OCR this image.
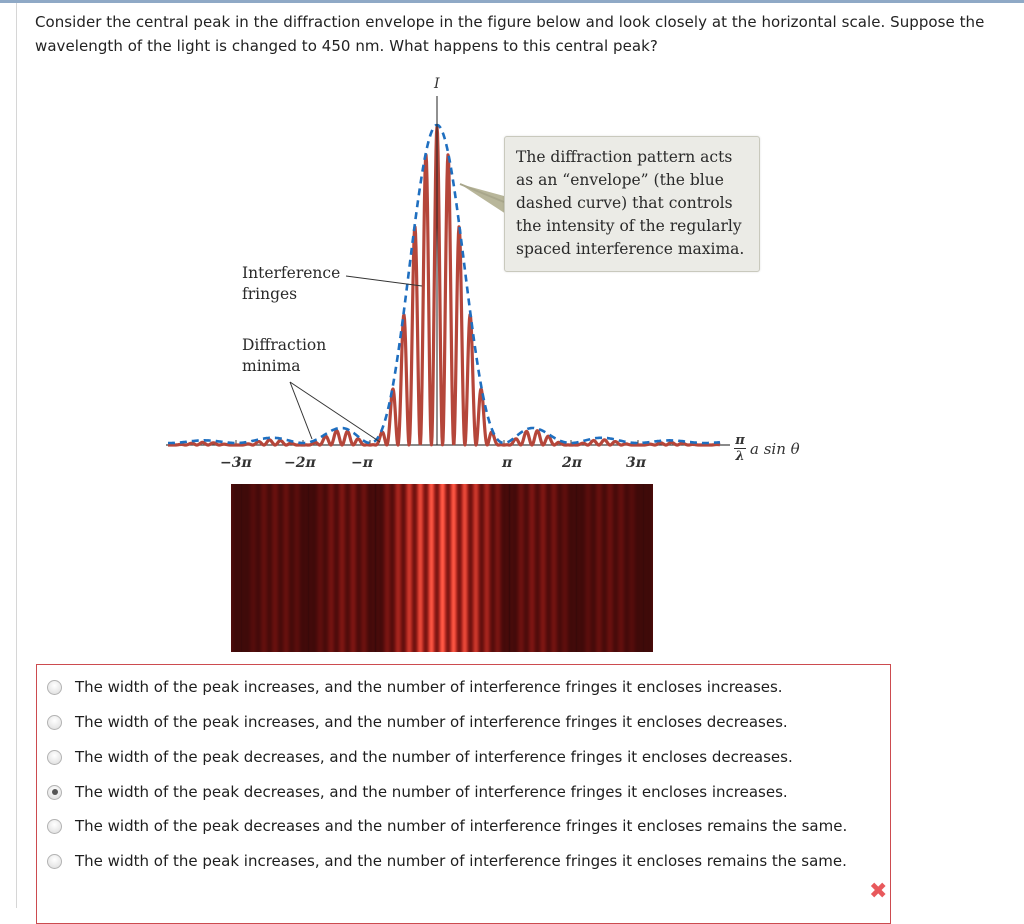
Consider the central peak in the diffraction envelope in the figure below and look closely at the horizontal scale. Suppose the wavelength of the light is changed to 450 nm. What happens to this central peak?
I
The diffraction pattern acts as an “envelope” (the blue dashed curve) that controls the intensity of the regularly spaced interference maxima.
Interference
fringes
Diffraction
minima
−3π −2π	−π	π	2π	3π	$\frac{\pi}{\lambda}$ a sin θ
The width of the peak increases, and the number of interference fringes it encloses increases.
The width of the peak increases, and the number of interference fringes it encloses decreases.
The width of the peak decreases, and the number of interference fringes it encloses decreases.
The width of the peak decreases, and the number of interference fringes it encloses increases.
The width of the peak decreases and the number of interference fringes it encloses remains the same.
The width of the peak increases, and the number of interference fringes it encloses remains the same.
✖
